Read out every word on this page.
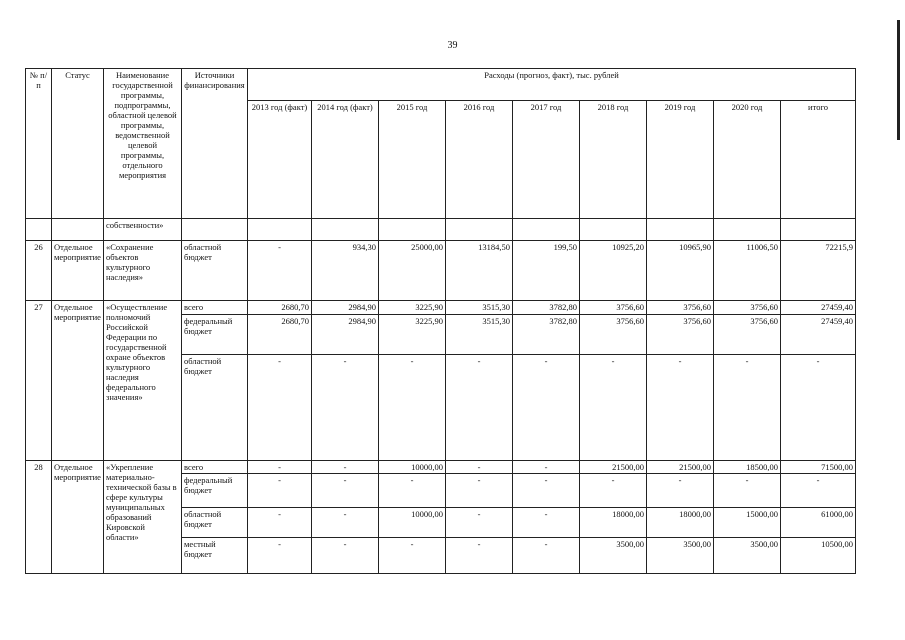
39
№ п/п	Статус	Наименование государственной программы, подпрограммы, областной целевой программы, ведомственной целевой программы, отдельного мероприятия	Источники финансирования	Расходы (прогноз, факт), тыс. рублей								
				2013 год (факт)	2014 год (факт)	2015 год	2016 год	2017 год	2018 год	2019 год	2020 год	итого
		собственности»										
26	Отдельное мероприятие	«Сохранение объектов культурного наследия»	областной бюджет	-	934,30	25000,00	13184,50	199,50	10925,20	10965,90	11006,50	72215,9
27	Отдельное мероприятие	«Осуществление полномочий Российской Федерации по государственной охране объектов культурного наследия федерального значения»	всего	2680,70	2984,90	3225,90	3515,30	3782,80	3756,60	3756,60	3756,60	27459,40
			федеральный бюджет	2680,70	2984,90	3225,90	3515,30	3782,80	3756,60	3756,60	3756,60	27459,40
			областной бюджет	-	-	-	-	-	-	-	-	-
28	Отдельное мероприятие	«Укрепление материально-технической базы в сфере культуры муниципальных образований Кировской области»	всего	-	-	10000,00	-	-	21500,00	21500,00	18500,00	71500,00
			федеральный бюджет	-	-	-	-	-	-	-	-	-
			областной бюджет	-	-	10000,00	-	-	18000,00	18000,00	15000,00	61000,00
			местный бюджет	-	-	-	-	-	3500,00	3500,00	3500,00	10500,00
